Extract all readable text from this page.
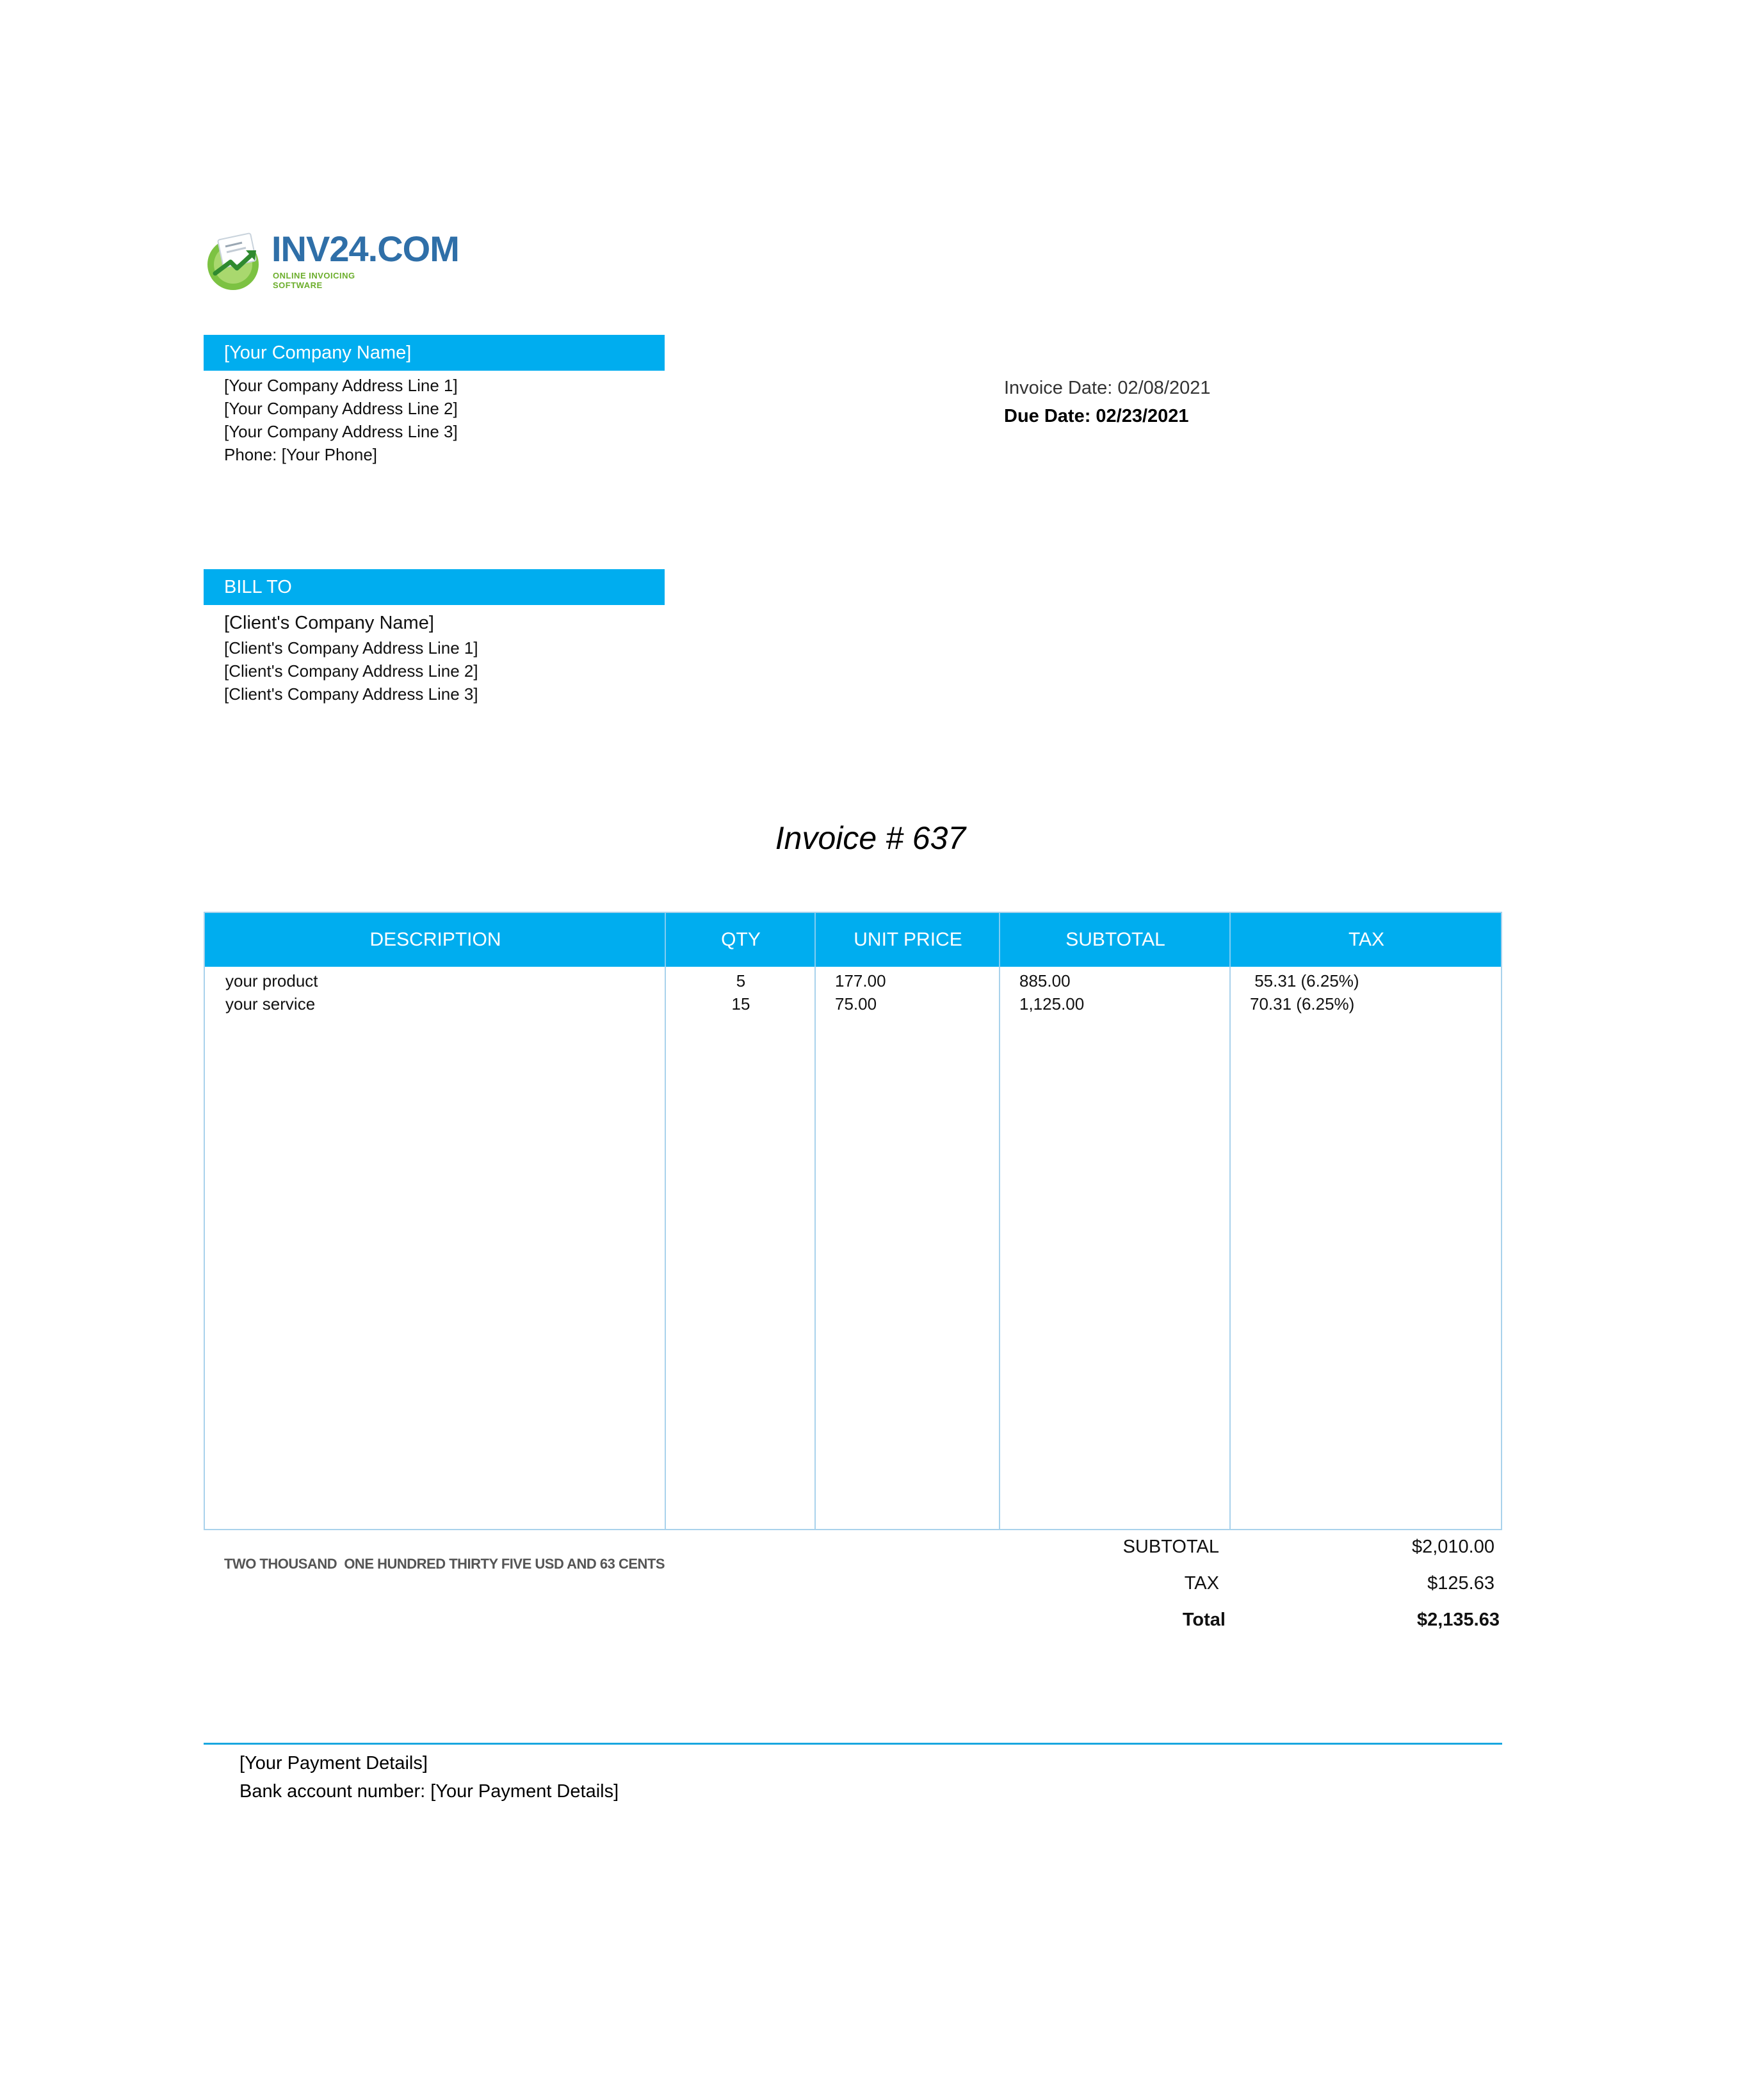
INV24.COM
ONLINE INVOICING SOFTWARE
[Your Company Name]
[Your Company Address Line 1]
[Your Company Address Line 2]
[Your Company Address Line 3]
Phone: [Your Phone]
Invoice Date: 02/08/2021
Due Date: 02/23/2021
BILL TO
[Client's Company Name]
[Client's Company Address Line 1]
[Client's Company Address Line 2]
[Client's Company Address Line 3]
Invoice # 637
DESCRIPTION	QTY	UNIT PRICE	SUBTOTAL	TAX
your product	5	177.00	885.00	55.31 (6.25%)
your service	15	75.00	1,125.00	70.31 (6.25%)
TWO THOUSAND  ONE HUNDRED THIRTY FIVE USD AND 63 CENTS
SUBTOTAL	$2,010.00
TAX	$125.63
Total	$2,135.63
[Your Payment Details]
Bank account number: [Your Payment Details]
